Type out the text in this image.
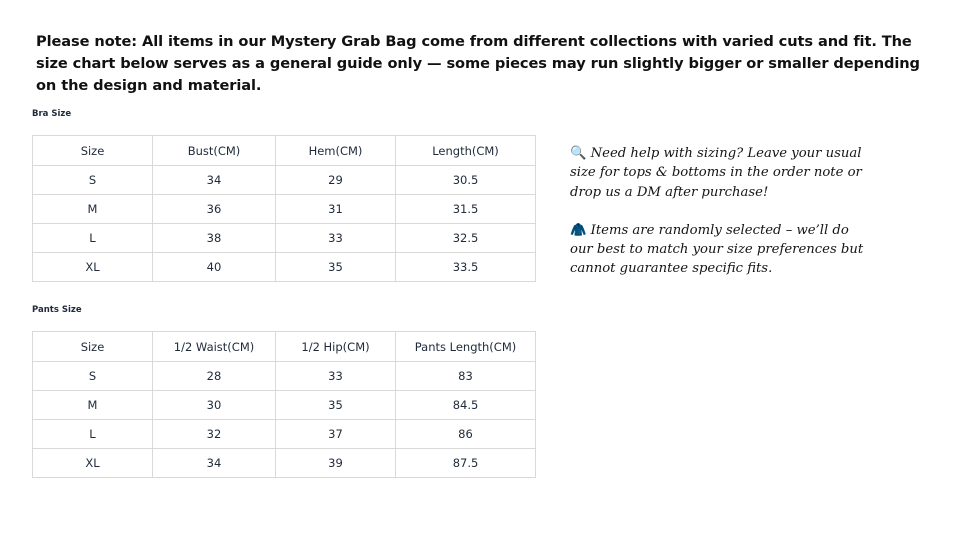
Please note: All items in our Mystery Grab Bag come from different collections with varied cuts and fit. The size chart below serves as a general guide only — some pieces may run slightly bigger or smaller depending on the design and material.
Bra Size
Size	Bust(CM)	Hem(CM)	Length(CM)
S	34	29	30.5
M	36	31	31.5
L	38	33	32.5
XL	40	35	33.5
Pants Size
Size	1/2 Waist(CM)	1/2 Hip(CM)	Pants Length(CM)
S	28	33	83
M	30	35	84.5
L	32	37	86
XL	34	39	87.5

🔍 Need help with sizing? Leave your usual size for tops & bottoms in the order note or drop us a DM after purchase!

🧥 Items are randomly selected – we’ll do our best to match your size preferences but cannot guarantee specific fits.
